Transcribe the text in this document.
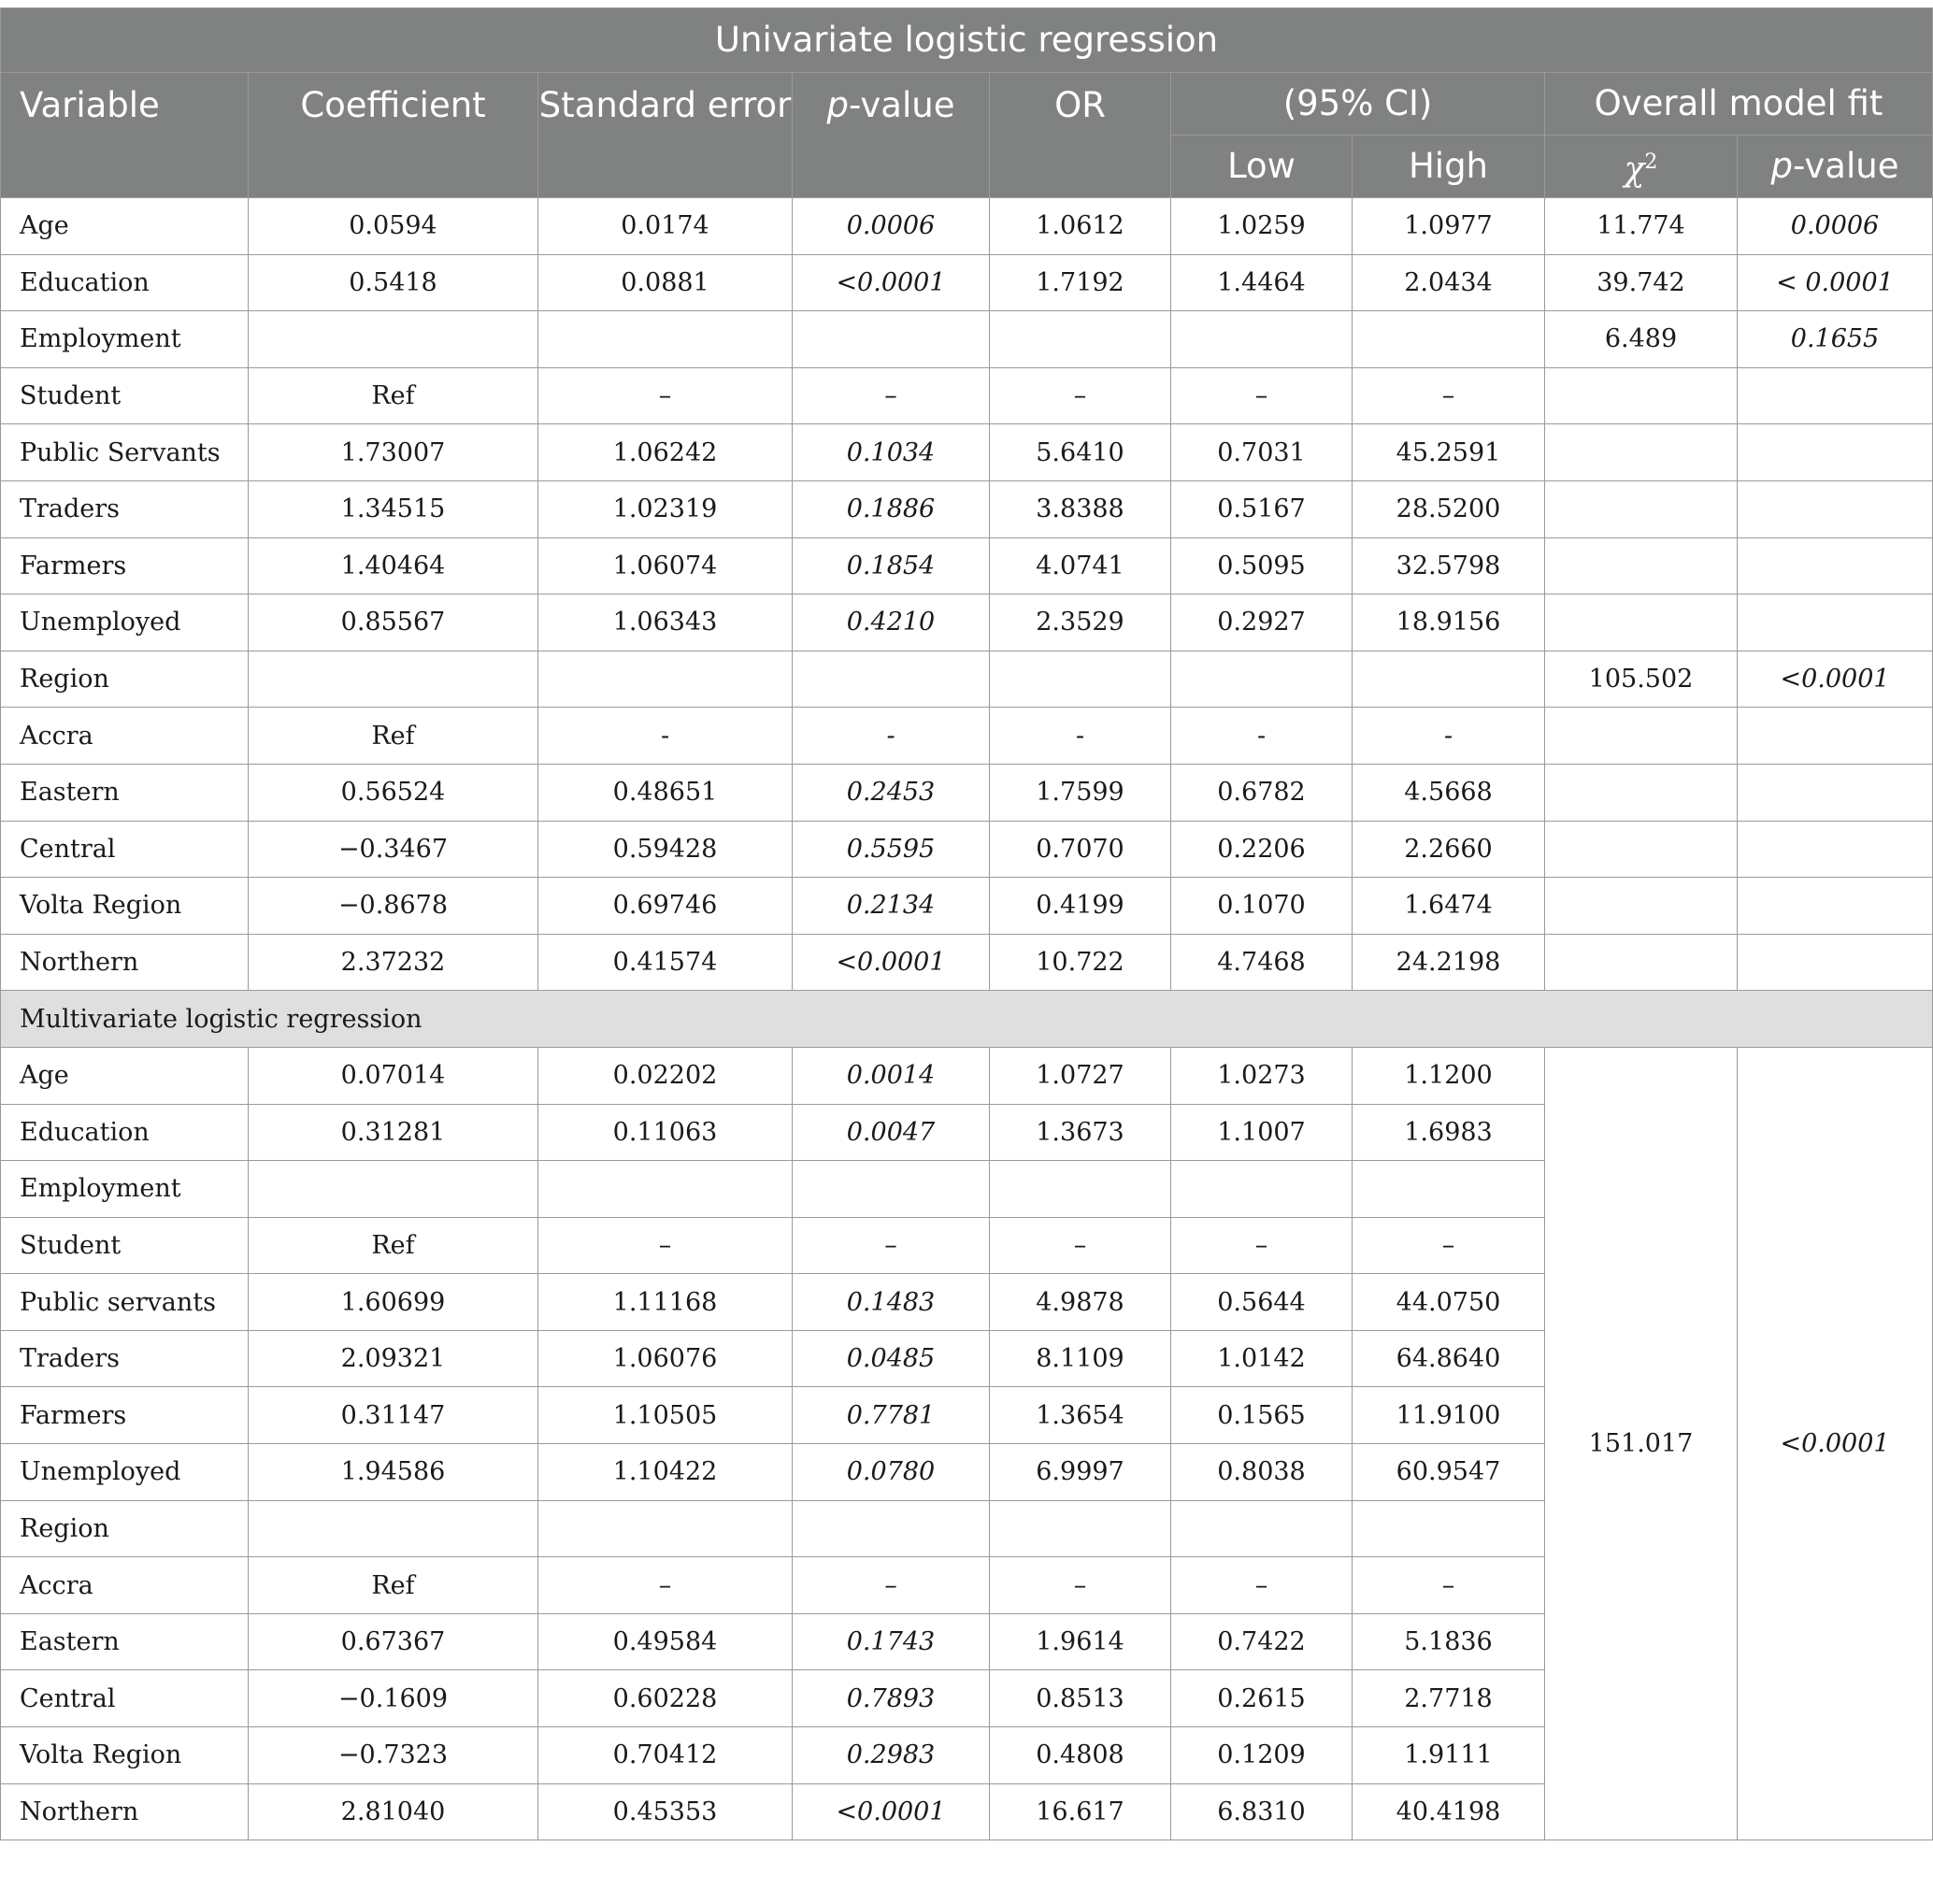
Univariate logistic regression								
Variable	Coefficient	Standard error	p-value	OR	(95% CI)		Overall model fit	
					Low	High	$\chi^2$	p-value
Age	0.0594	0.0174	0.0006	1.0612	1.0259	1.0977	11.774	0.0006
Education	0.5418	0.0881	<0.0001	1.7192	1.4464	2.0434	39.742	< 0.0001
Employment							6.489	0.1655
Student	Ref	–	–	–	–	–		
Public Servants	1.73007	1.06242	0.1034	5.6410	0.7031	45.2591		
Traders	1.34515	1.02319	0.1886	3.8388	0.5167	28.5200		
Farmers	1.40464	1.06074	0.1854	4.0741	0.5095	32.5798		
Unemployed	0.85567	1.06343	0.4210	2.3529	0.2927	18.9156		
Region							105.502	<0.0001
Accra	Ref	-	-	-	-	-		
Eastern	0.56524	0.48651	0.2453	1.7599	0.6782	4.5668		
Central	−0.3467	0.59428	0.5595	0.7070	0.2206	2.2660		
Volta Region	−0.8678	0.69746	0.2134	0.4199	0.1070	1.6474		
Northern	2.37232	0.41574	<0.0001	10.722	4.7468	24.2198		
Multivariate logistic regression								
Age	0.07014	0.02202	0.0014	1.0727	1.0273	1.1200	151.017	<0.0001
Education	0.31281	0.11063	0.0047	1.3673	1.1007	1.6983		
Employment								
Student	Ref	–	–	–	–	–		
Public servants	1.60699	1.11168	0.1483	4.9878	0.5644	44.0750		
Traders	2.09321	1.06076	0.0485	8.1109	1.0142	64.8640		
Farmers	0.31147	1.10505	0.7781	1.3654	0.1565	11.9100		
Unemployed	1.94586	1.10422	0.0780	6.9997	0.8038	60.9547		
Region								
Accra	Ref	–	–	–	–	–		
Eastern	0.67367	0.49584	0.1743	1.9614	0.7422	5.1836		
Central	−0.1609	0.60228	0.7893	0.8513	0.2615	2.7718		
Volta Region	−0.7323	0.70412	0.2983	0.4808	0.1209	1.9111		
Northern	2.81040	0.45353	<0.0001	16.617	6.8310	40.4198		
